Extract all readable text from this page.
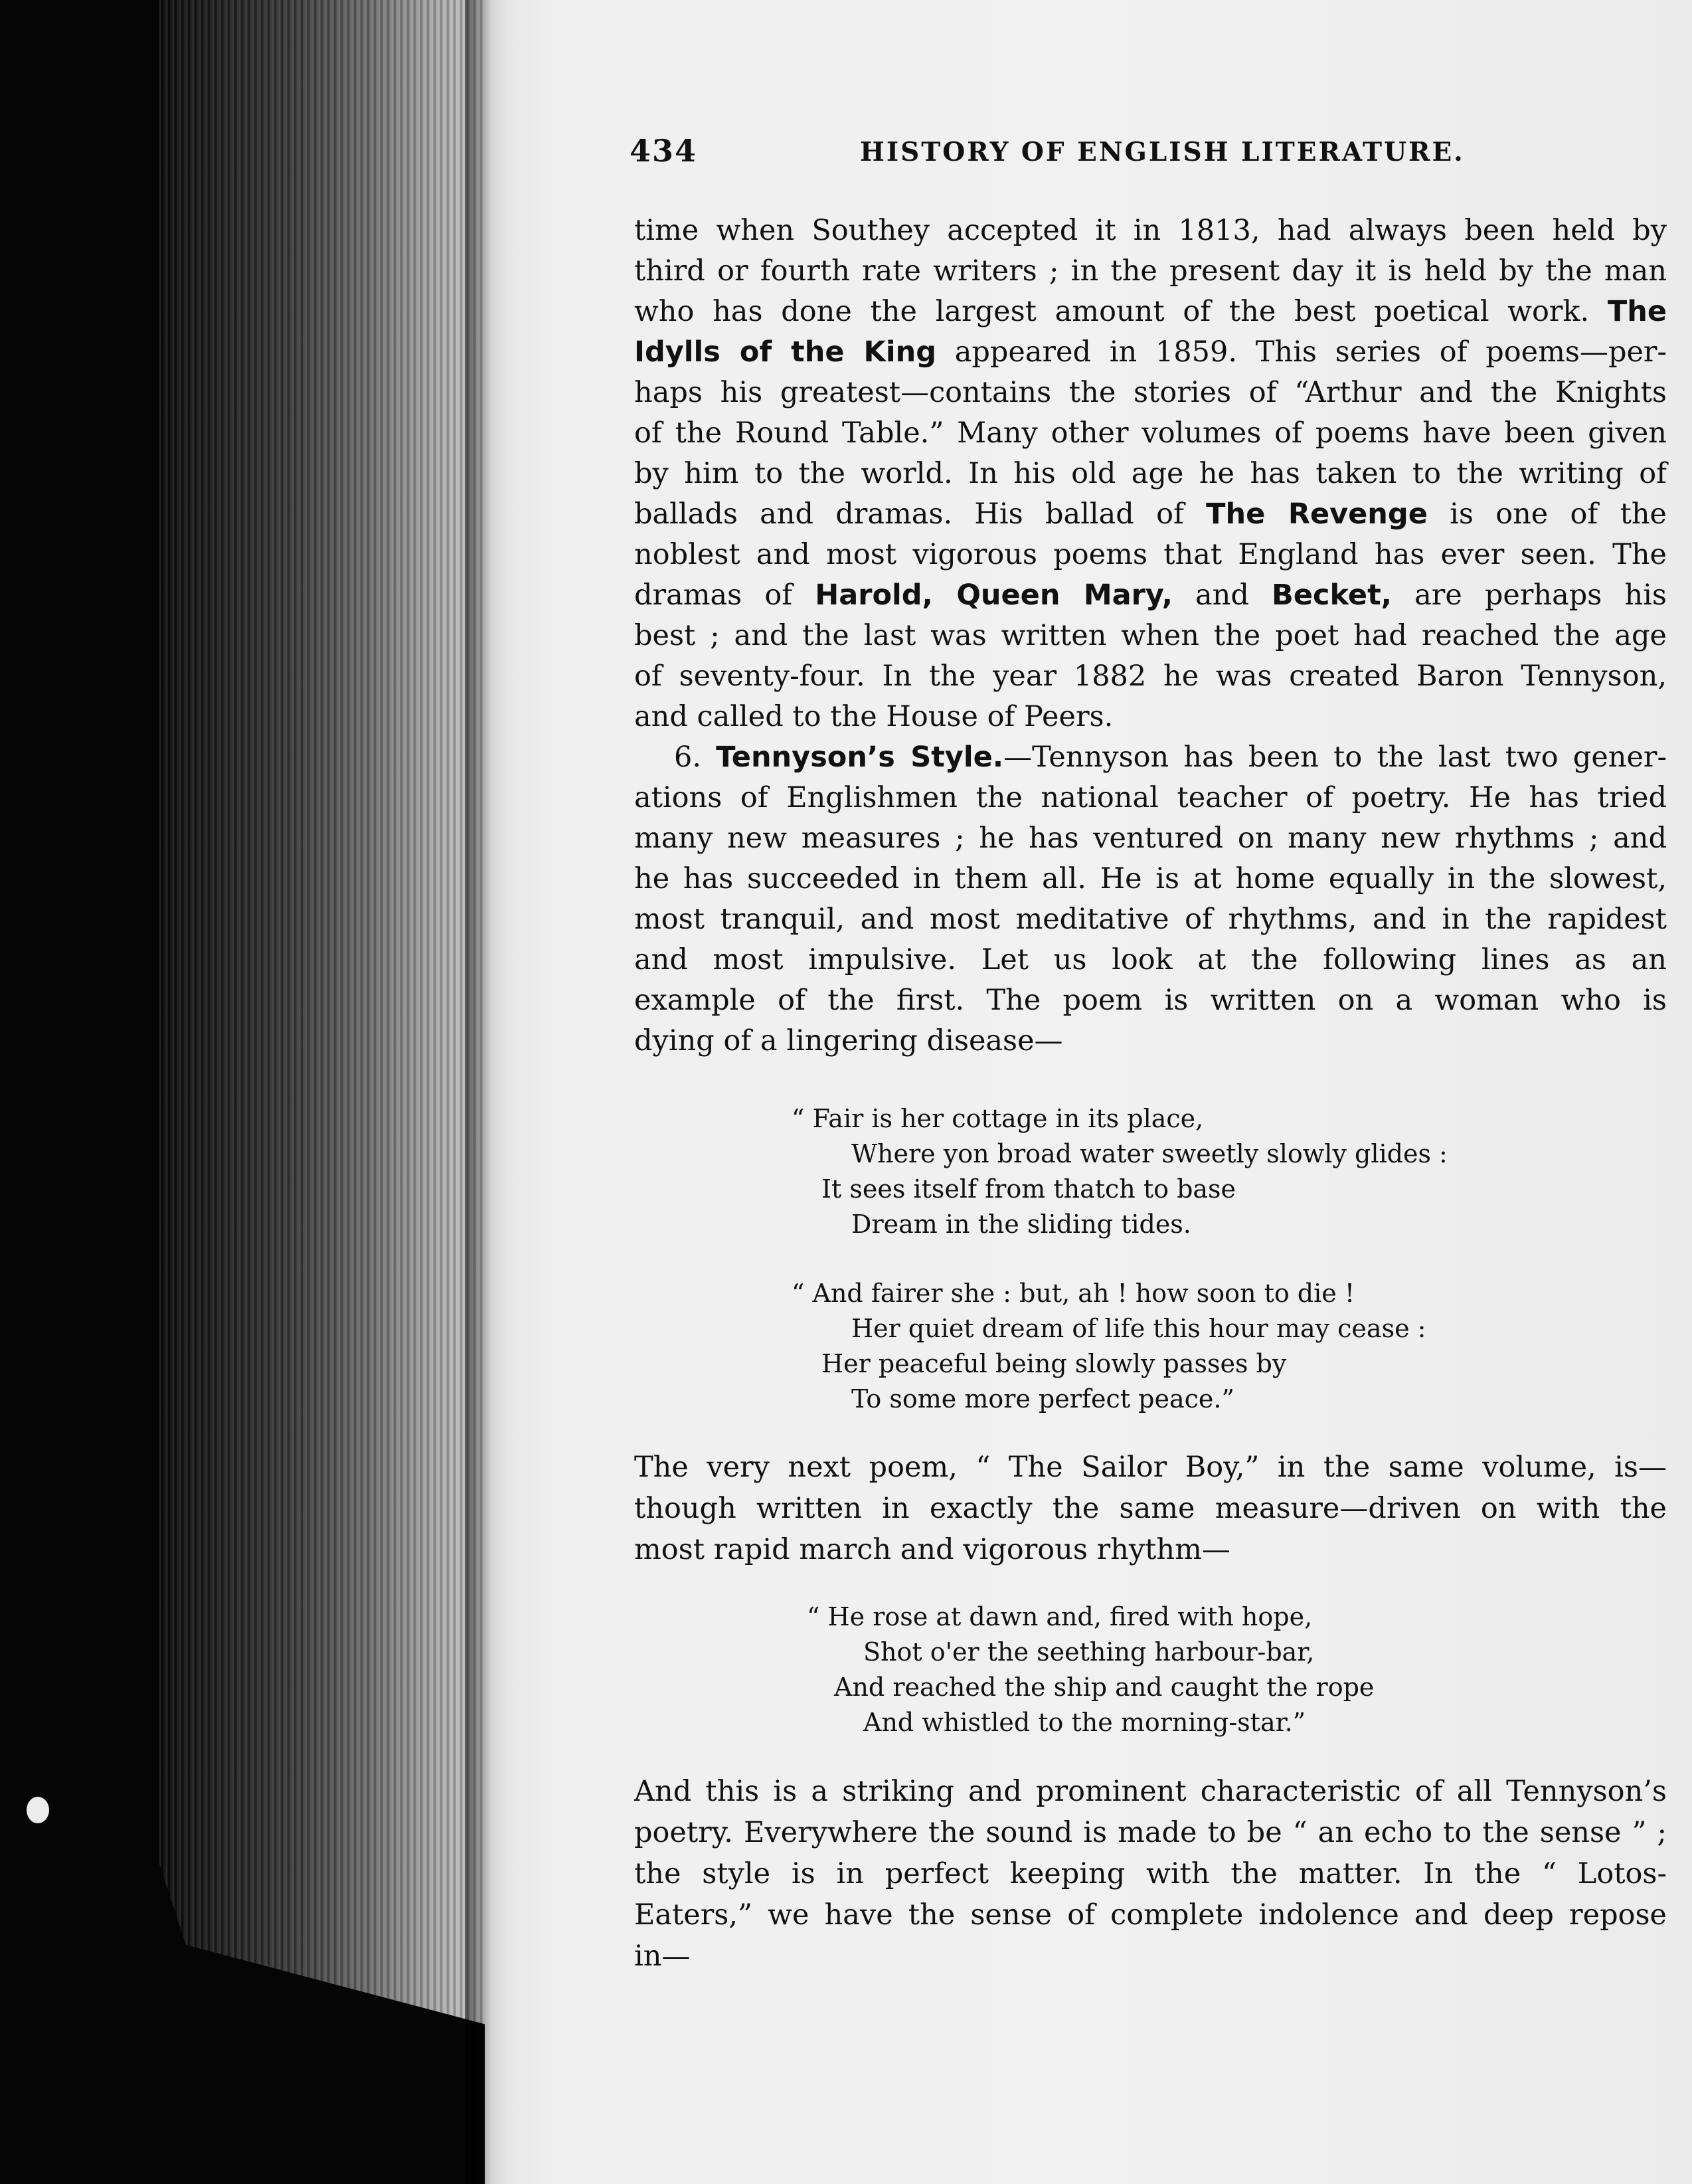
434	HISTORY OF ENGLISH LITERATURE.

time when Southey accepted it in 1813, had always been held by

third or fourth rate writers ; in the present day it is held by the man

who has done the largest amount of the best poetical work. The

Idylls of the King appeared in 1859. This series of poems—per-

haps his greatest—contains the stories of “Arthur and the Knights

of the Round Table.” Many other volumes of poems have been given

by him to the world. In his old age he has taken to the writing of

ballads and dramas. His ballad of The Revenge is one of the

noblest and most vigorous poems that England has ever seen. The

dramas of Harold, Queen Mary, and Becket, are perhaps his

best ; and the last was written when the poet had reached the age

of seventy-four. In the year 1882 he was created Baron Tennyson,

and called to the House of Peers.

6. Tennyson’s Style.—Tennyson has been to the last two gener-

ations of Englishmen the national teacher of poetry. He has tried

many new measures ; he has ventured on many new rhythms ; and

he has succeeded in them all. He is at home equally in the slowest,

most tranquil, and most meditative of rhythms, and in the rapidest

and most impulsive. Let us look at the following lines as an

example of the first. The poem is written on a woman who is

dying of a lingering disease—

“ Fair is her cottage in its place,
Where yon broad water sweetly slowly glides :
It sees itself from thatch to base
Dream in the sliding tides.
“ And fairer she : but, ah ! how soon to die !
Her quiet dream of life this hour may cease :
Her peaceful being slowly passes by
To some more perfect peace.”

The very next poem, “ The Sailor Boy,” in the same volume, is—

though written in exactly the same measure—driven on with the

most rapid march and vigorous rhythm—

“ He rose at dawn and, fired with hope,
Shot o'er the seething harbour-bar,
And reached the ship and caught the rope
And whistled to the morning-star.”

And this is a striking and prominent characteristic of all Tennyson’s

poetry. Everywhere the sound is made to be “ an echo to the sense ” ;

the style is in perfect keeping with the matter. In the “ Lotos-

Eaters,” we have the sense of complete indolence and deep repose

in—
